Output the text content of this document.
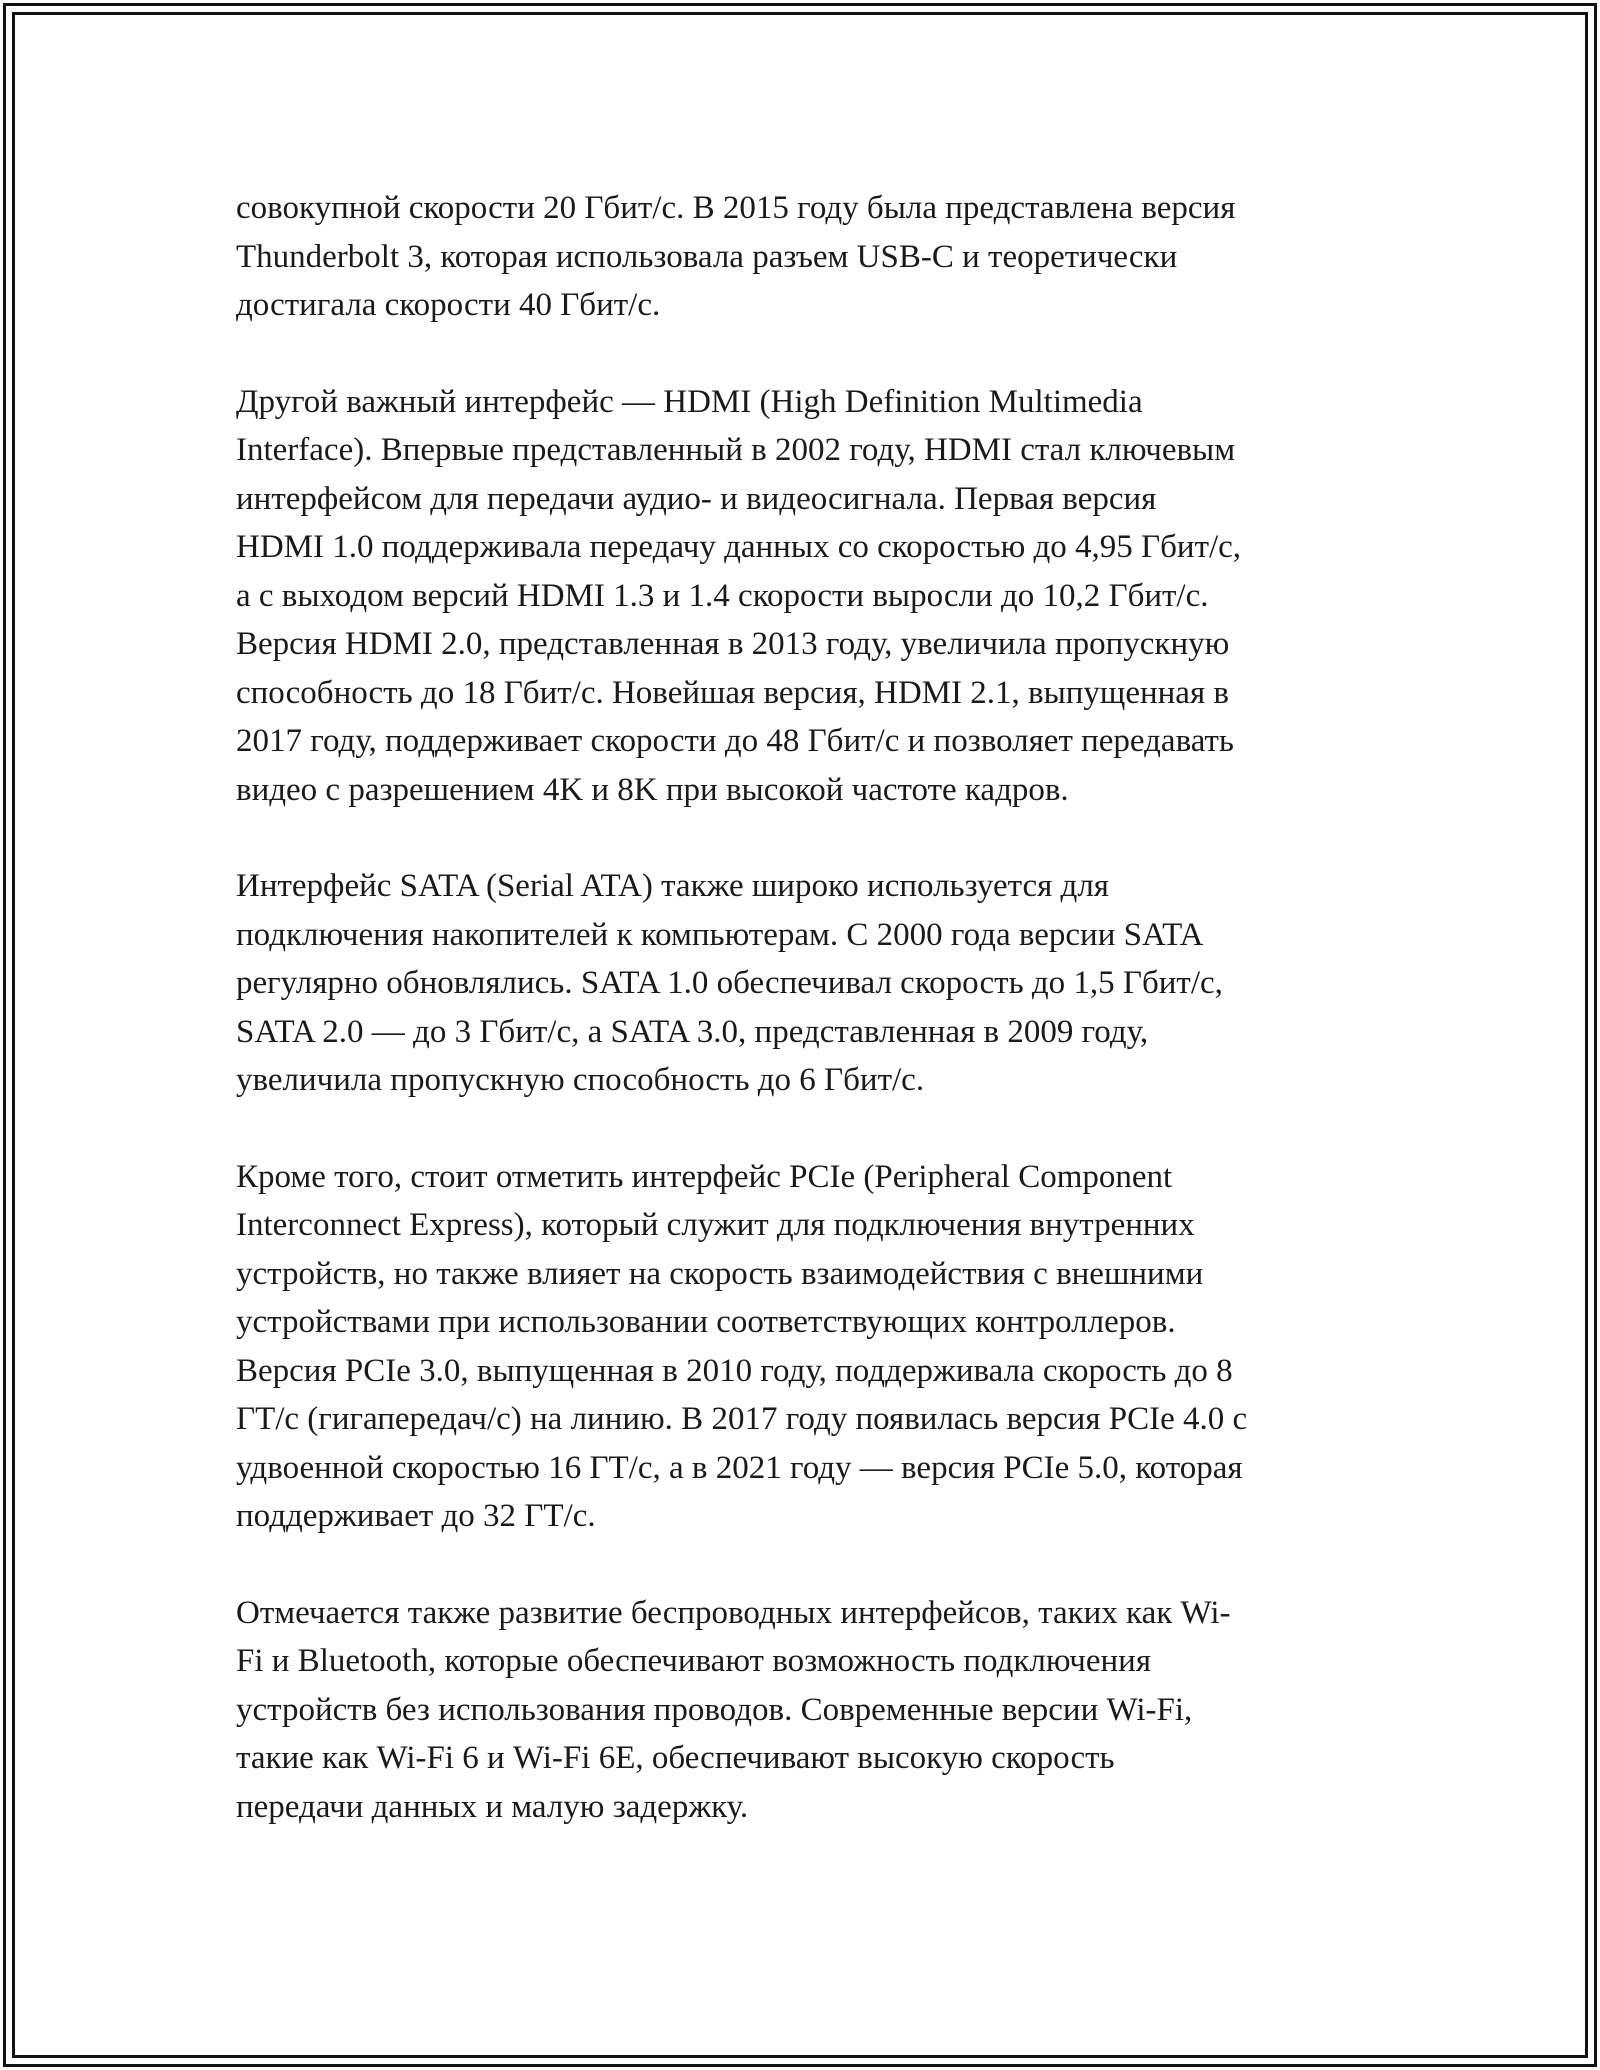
совокупной скорости 20 Гбит/с. В 2015 году была представлена версия
Thunderbolt 3, которая использовала разъем USB-C и теоретически
достигала скорости 40 Гбит/с.

Другой важный интерфейс — HDMI (High Definition Multimedia
Interface). Впервые представленный в 2002 году, HDMI стал ключевым
интерфейсом для передачи аудио- и видеосигнала. Первая версия
HDMI 1.0 поддерживала передачу данных со скоростью до 4,95 Гбит/с,
а с выходом версий HDMI 1.3 и 1.4 скорости выросли до 10,2 Гбит/с.
Версия HDMI 2.0, представленная в 2013 году, увеличила пропускную
способность до 18 Гбит/с. Новейшая версия, HDMI 2.1, выпущенная в
2017 году, поддерживает скорости до 48 Гбит/с и позволяет передавать
видео с разрешением 4K и 8K при высокой частоте кадров.

Интерфейс SATA (Serial ATA) также широко используется для
подключения накопителей к компьютерам. С 2000 года версии SATA
регулярно обновлялись. SATA 1.0 обеспечивал скорость до 1,5 Гбит/с,
SATA 2.0 — до 3 Гбит/с, а SATA 3.0, представленная в 2009 году,
увеличила пропускную способность до 6 Гбит/с.

Кроме того, стоит отметить интерфейс PCIe (Peripheral Component
Interconnect Express), который служит для подключения внутренних
устройств, но также влияет на скорость взаимодействия с внешними
устройствами при использовании соответствующих контроллеров.
Версия PCIe 3.0, выпущенная в 2010 году, поддерживала скорость до 8
ГТ/с (гигапередач/с) на линию. В 2017 году появилась версия PCIe 4.0 с
удвоенной скоростью 16 ГТ/с, а в 2021 году — версия PCIe 5.0, которая
поддерживает до 32 ГТ/с.

Отмечается также развитие беспроводных интерфейсов, таких как Wi-
Fi и Bluetooth, которые обеспечивают возможность подключения
устройств без использования проводов. Современные версии Wi-Fi,
такие как Wi-Fi 6 и Wi-Fi 6E, обеспечивают высокую скорость
передачи данных и малую задержку.
